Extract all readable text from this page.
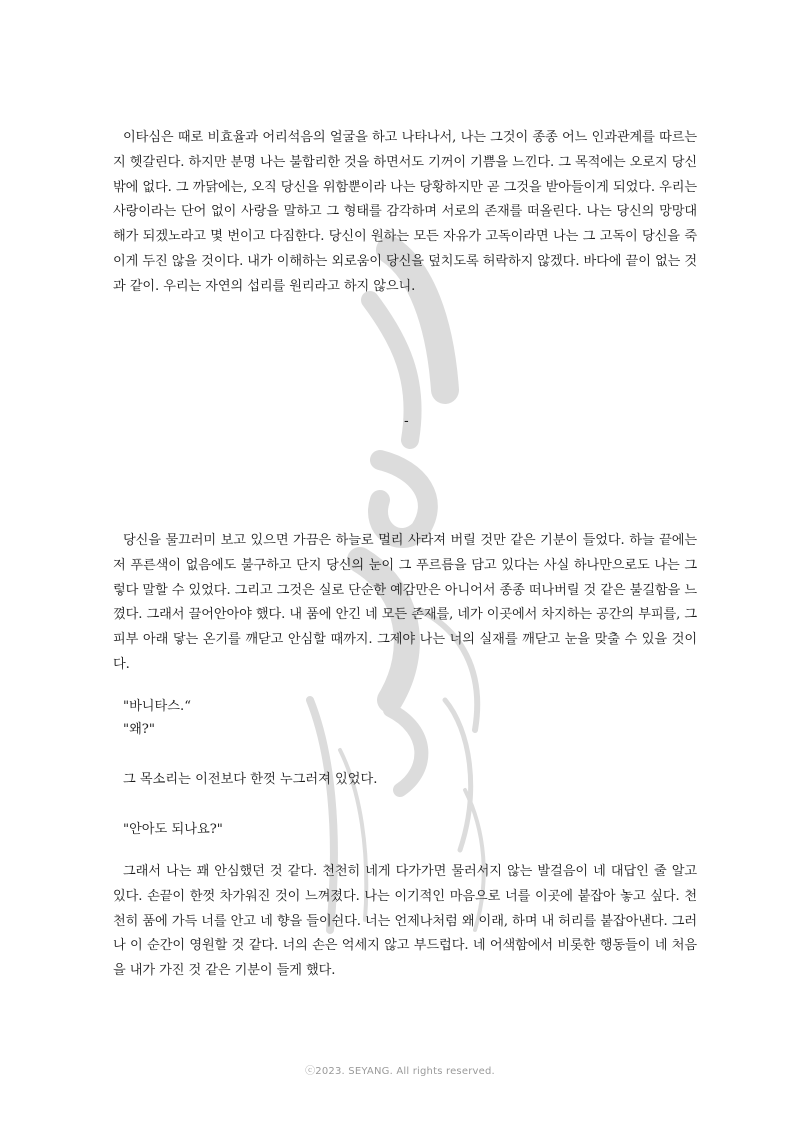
이타심은 때로 비효율과 어리석음의 얼굴을 하고 나타나서, 나는 그것이 종종 어느 인과관계를 따르는지 헷갈린다. 하지만 분명 나는 불합리한 것을 하면서도 기꺼이 기쁨을 느낀다. 그 목적에는 오로지 당신밖에 없다. 그 까닭에는, 오직 당신을 위함뿐이라 나는 당황하지만 곧 그것을 받아들이게 되었다. 우리는 사랑이라는 단어 없이 사랑을 말하고 그 형태를 감각하며 서로의 존재를 떠올린다. 나는 당신의 망망대해가 되겠노라고 몇 번이고 다짐한다. 당신이 원하는 모든 자유가 고독이라면 나는 그 고독이 당신을 죽이게 두진 않을 것이다. 내가 이해하는 외로움이 당신을 덮치도록 허락하지 않겠다. 바다에 끝이 없는 것과 같이. 우리는 자연의 섭리를 원리라고 하지 않으니.

당신을 물끄러미 보고 있으면 가끔은 하늘로 멀리 사라져 버릴 것만 같은 기분이 들었다. 하늘 끝에는 저 푸른색이 없음에도 불구하고 단지 당신의 눈이 그 푸르름을 담고 있다는 사실 하나만으로도 나는 그렇다 말할 수 있었다. 그리고 그것은 실로 단순한 예감만은 아니어서 종종 떠나버릴 것 같은 불길함을 느꼈다. 그래서 끌어안아야 했다. 내 품에 안긴 네 모든 존재를, 네가 이곳에서 차지하는 공간의 부피를, 그 피부 아래 닿는 온기를 깨닫고 안심할 때까지. 그제야 나는 너의 실재를 깨닫고 눈을 맞출 수 있을 것이다.

"바니타스.“

"왜?"

그 목소리는 이전보다 한껏 누그러져 있었다.

"안아도 되나요?"

그래서 나는 꽤 안심했던 것 같다. 천천히 네게 다가가면 물러서지 않는 발걸음이 네 대답인 줄 알고 있다. 손끝이 한껏 차가워진 것이 느껴졌다. 나는 이기적인 마음으로 너를 이곳에 붙잡아 놓고 싶다. 천천히 품에 가득 너를 안고 네 향을 들이쉰다. 너는 언제나처럼 왜 이래, 하며 내 허리를 붙잡아낸다. 그러나 이 순간이 영원할 것 같다. 너의 손은 억세지 않고 부드럽다. 네 어색함에서 비롯한 행동들이 네 처음을 내가 가진 것 같은 기분이 들게 했다.

-
ⓒ2023. SEYANG. All rights reserved.
